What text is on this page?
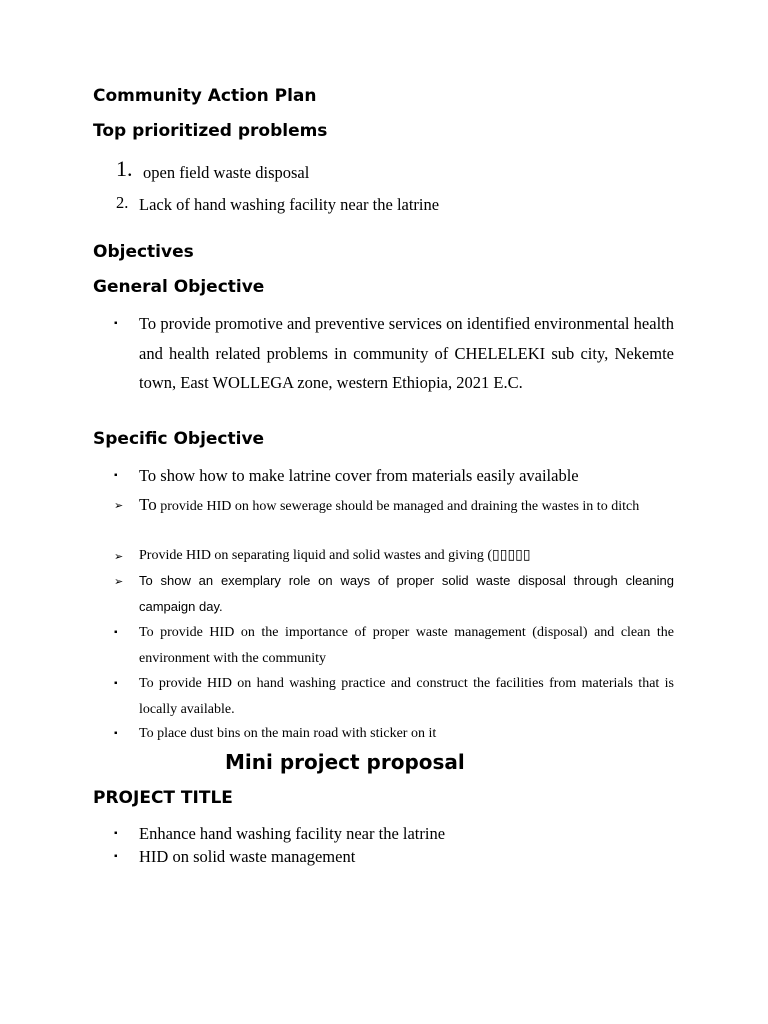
Community Action Plan
Top prioritized problems
1. open field waste disposal
2. Lack of hand washing facility near the latrine
Objectives
General Objective
▪ To provide promotive and preventive services on identified environmental health and health related problems in community of CHELELEKI sub city, Nekemte town, East WOLLEGA zone, western Ethiopia, 2021 E.C.

Specific Objective
▪ To show how to make latrine cover from materials easily available

➢ To provide HID on how sewerage should be managed and draining the wastes in to ditch

➢ Provide HID on separating liquid and solid wastes and giving (▯▯▯▯▯

➢ To show an exemplary role on ways of proper solid waste disposal through cleaning campaign day.

▪ To provide HID on the importance of proper waste management (disposal) and clean the environment with the community

▪ To provide HID on hand washing practice and construct the facilities from materials that is locally available.

▪ To place dust bins on the main road with sticker on it

Mini project proposal
PROJECT TITLE
▪ Enhance hand washing facility near the latrine

▪ HID on solid waste management
